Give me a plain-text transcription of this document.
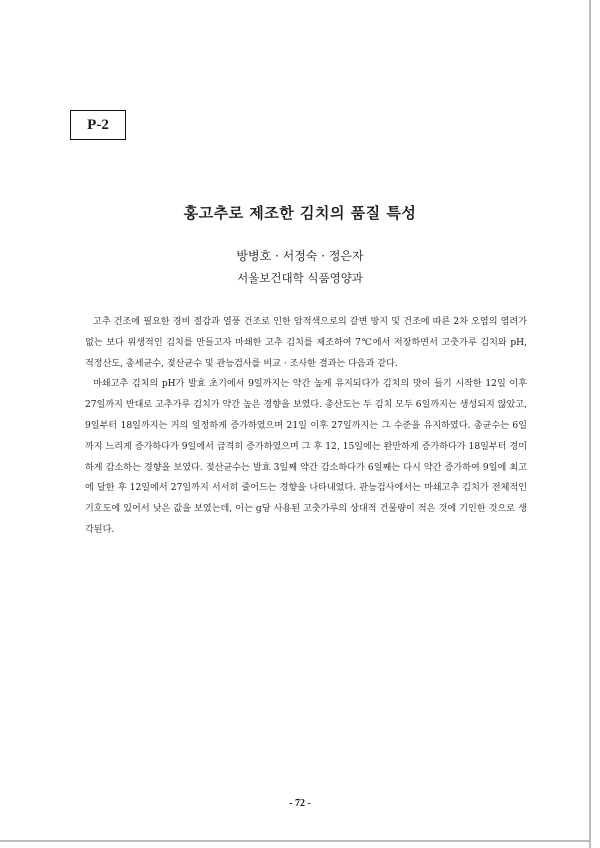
P-2
홍고추로 제조한 김치의 품질 특성
방병호 · 서정숙 · 정은자
서울보건대학 식품영양과

고추 건조에 필요한 경비 절감과 열풍 건조로 인한 암적색으로의 갈변 방지 및 건조에 따른 2차 오염의 염려가 없는 보다 위생적인 김치를 만들고자 마쇄한 고추 김치를 제조하여 7℃에서 저장하면서 고춧가루 김치와 pH, 적정산도, 총세균수, 젖산균수 및 관능검사를 비교 · 조사한 결과는 다음과 같다.

마쇄고추 김치의 pH가 발효 초기에서 9일까지는 약간 높게 유지되다가 김치의 맛이 들기 시작한 12일 이후 27일까지 반대로 고추가루 김치가 약간 높은 경향을 보였다. 총산도는 두 김치 모두 6일까지는 생성되지 않았고, 9일부터 18일까지는 거의 일정하게 증가하였으며 21일 이후 27일까지는 그 수준을 유지하였다. 총균수는 6일까지 느리게 증가하다가 9일에서 급격히 증가하였으며 그 후 12, 15일에는 완만하게 증가하다가 18일부터 경미하게 감소하는 경향을 보였다. 젖산균수는 발효 3일째 약간 감소하다가 6일째는 다시 약간 증가하여 9일에 최고에 달한 후 12일에서 27일까지 서서히 줄어드는 경향을 나타내었다. 관능검사에서는 마쇄고추 김치가 전체적인 기호도에 있어서 낮은 값을 보였는데, 이는 g당 사용된 고춧가루의 상대적 건물량이 적은 것에 기인한 것으로 생각된다.

- 72 -
